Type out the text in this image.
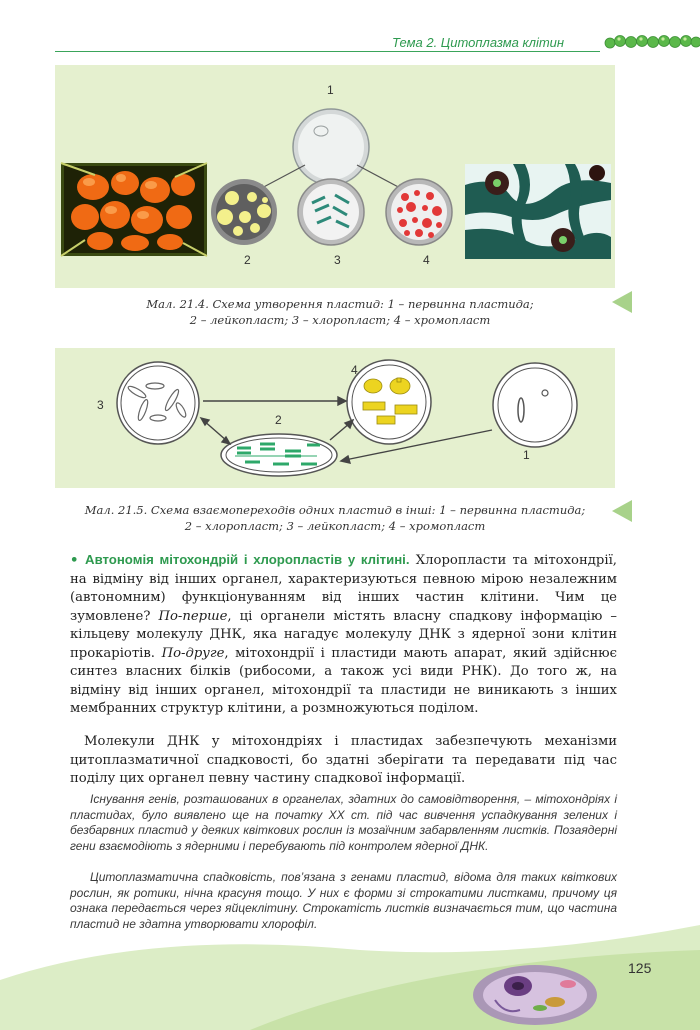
Тема 2. Цитоплазма клітин
1
2	3	4
Мал. 21.4. Схема утворення пластид: 1 – первинна пластида;
2 – лейкопласт; 3 – хлоропласт; 4 – хромопласт
3
4
2
1
Мал. 21.5. Схема взаємопереходів одних пластид в інші: 1 – первинна пластида;
2 – хлоропласт; 3 – лейкопласт; 4 – хромопласт
• Автономія мітохондрій і хлоропластів у клітині. Хлоропласти та мітохондрії, на відміну від інших органел, характеризуються певною мірою незалежним (автономним) функціонуванням від інших частин клітини. Чим це зумовлене? По-перше, ці органели містять власну спадкову інформацію – кільцеву молекулу ДНК, яка нагадує молекулу ДНК з ядерної зони клітин прокаріотів. По-друге, мітохондрії і пластиди мають апарат, який здійснює синтез власних білків (рибосоми, а також усі види РНК). До того ж, на відміну від інших органел, мітохондрії та пластиди не виникають з інших мембранних структур клітини, а розмножуються поділом.
Молекули ДНК у мітохондріях і пластидах забезпечують механізми цитоплазматичної спадковості, бо здатні зберігати та передавати під час поділу цих органел певну частину спадкової інформації.
Існування генів, розташованих в органелах, здатних до самовідтворення, – мітохондріях і пластидах, було виявлено ще на початку XX ст. під час вивчення успадкування зелених і безбарвних пластид у деяких квіткових рослин із мозаїчним забарвленням листків. Позаядерні гени взаємодіють з ядерними і перебувають під контролем ядерної ДНК.
Цитоплазматична спадковість, пов’язана з генами пластид, відома для таких квіткових рослин, як ротики, нічна красуня тощо. У них є форми зі строкатими листками, причому ця ознака передається через яйцеклітину. Строкатість листків визначається тим, що частина пластид не здатна утворювати хлорофіл.
125
